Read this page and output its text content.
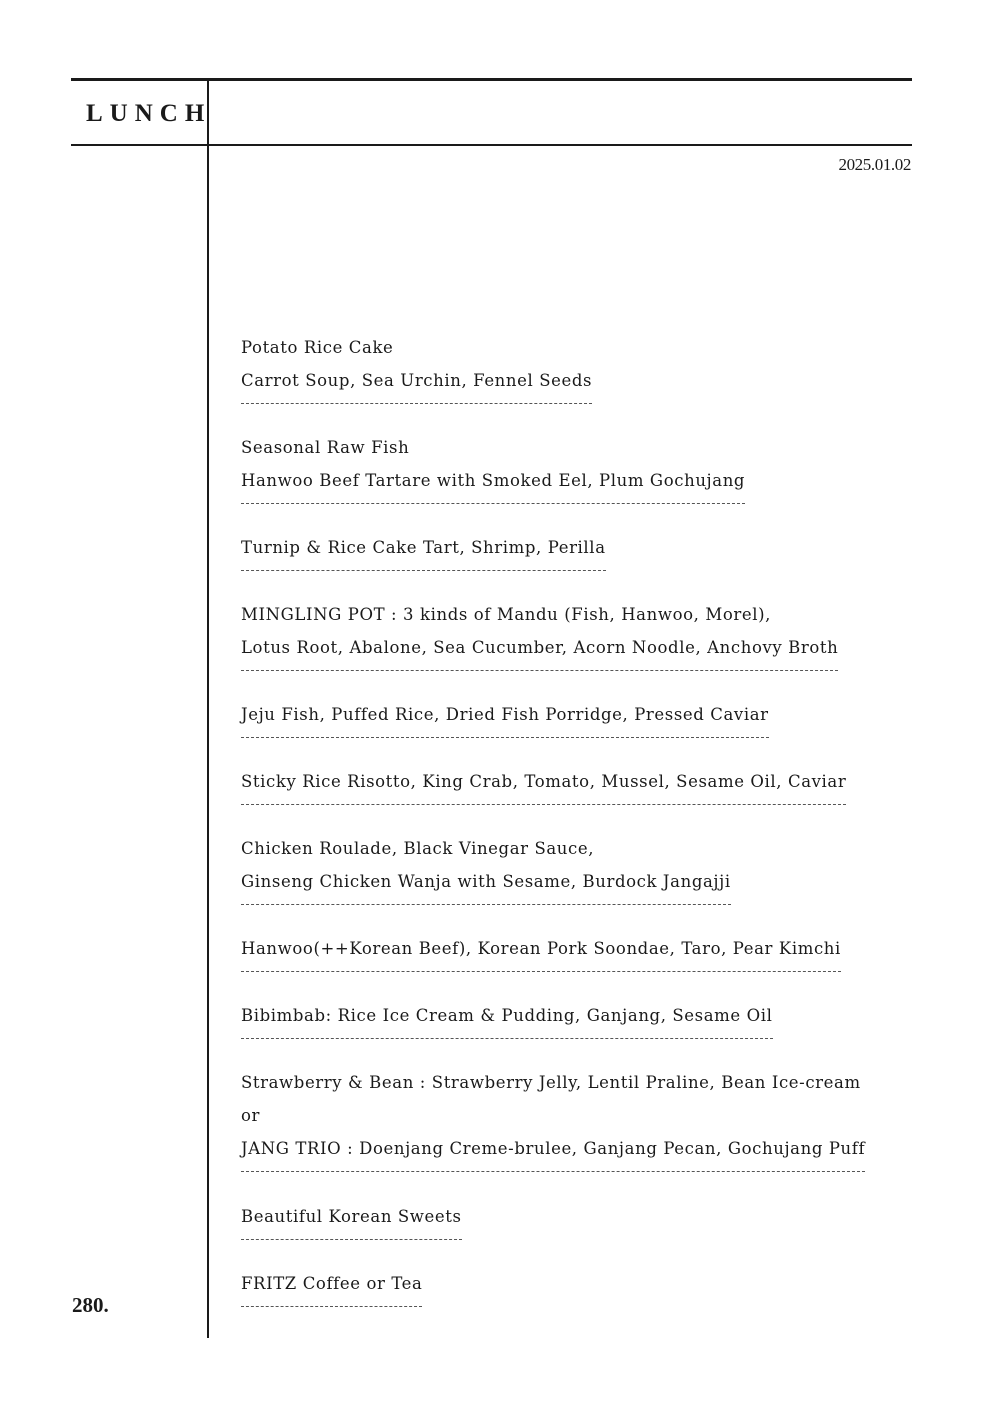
LUNCH
2025.01.02
280.
Potato Rice Cake
Carrot Soup, Sea Urchin, Fennel Seeds
Seasonal Raw Fish
Hanwoo Beef Tartare with Smoked Eel, Plum Gochujang
Turnip & Rice Cake Tart, Shrimp, Perilla
MINGLING POT : 3 kinds of Mandu (Fish, Hanwoo, Morel),
Lotus Root, Abalone, Sea Cucumber, Acorn Noodle, Anchovy Broth
Jeju Fish, Puffed Rice, Dried Fish Porridge, Pressed Caviar
Sticky Rice Risotto, King Crab, Tomato, Mussel, Sesame Oil, Caviar
Chicken Roulade, Black Vinegar Sauce,
Ginseng Chicken Wanja with Sesame, Burdock Jangajji
Hanwoo(++Korean Beef), Korean Pork Soondae, Taro, Pear Kimchi
Bibimbab: Rice Ice Cream & Pudding, Ganjang, Sesame Oil
Strawberry & Bean : Strawberry Jelly, Lentil Praline, Bean Ice-cream
or
JANG TRIO : Doenjang Creme-brulee, Ganjang Pecan, Gochujang Puff
Beautiful Korean Sweets
FRITZ Coffee or Tea
